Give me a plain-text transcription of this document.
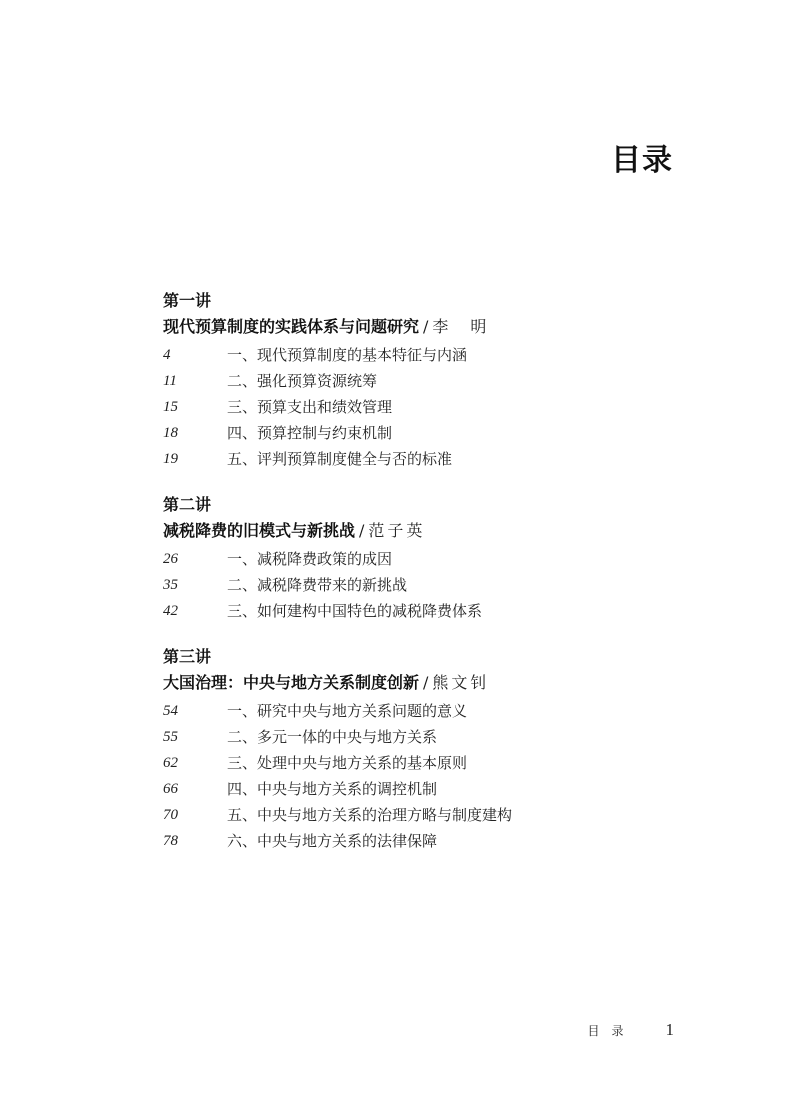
目录
第一讲
现代预算制度的实践体系与问题研究 / 李　明
4	一、现代预算制度的基本特征与内涵
11	二、强化预算资源统筹
15	三、预算支出和绩效管理
18	四、预算控制与约束机制
19	五、评判预算制度健全与否的标准
第二讲
减税降费的旧模式与新挑战 / 范子英
26	一、减税降费政策的成因
35	二、减税降费带来的新挑战
42	三、如何建构中国特色的减税降费体系
第三讲
大国治理：中央与地方关系制度创新 / 熊文钊
54	一、研究中央与地方关系问题的意义
55	二、多元一体的中央与地方关系
62	三、处理中央与地方关系的基本原则
66	四、中央与地方关系的调控机制
70	五、中央与地方关系的治理方略与制度建构
78	六、中央与地方关系的法律保障
目录 1
